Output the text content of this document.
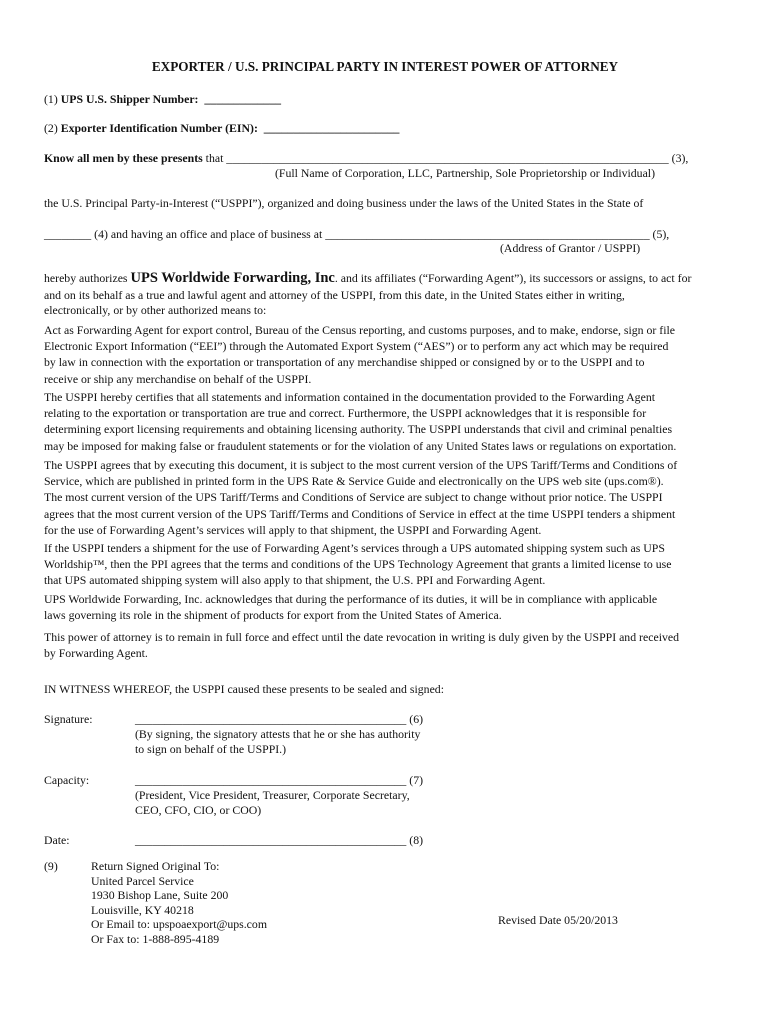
EXPORTER / U.S. PRINCIPAL PARTY IN INTEREST POWER OF ATTORNEY
(1) UPS U.S. Shipper Number: _____________
(2) Exporter Identification Number (EIN): _______________________
Know all men by these presents that ___________________________________________________________________________ (3),
(Full Name of Corporation, LLC, Partnership, Sole Proprietorship or Individual)
the U.S. Principal Party-in-Interest (“USPPI”), organized and doing business under the laws of the United States in the State of
________ (4) and having an office and place of business at _______________________________________________________ (5),
(Address of Grantor / USPPI)
hereby authorizes UPS Worldwide Forwarding, Inc. and its affiliates (“Forwarding Agent”), its successors or assigns, to act for
and on its behalf as a true and lawful agent and attorney of the USPPI, from this date, in the United States either in writing,
electronically, or by other authorized means to:
Act as Forwarding Agent for export control, Bureau of the Census reporting, and customs purposes, and to make, endorse, sign or file
Electronic Export Information (“EEI”) through the Automated Export System (“AES”) or to perform any act which may be required
by law in connection with the exportation or transportation of any merchandise shipped or consigned by or to the USPPI and to
receive or ship any merchandise on behalf of the USPPI.
The USPPI hereby certifies that all statements and information contained in the documentation provided to the Forwarding Agent
relating to the exportation or transportation are true and correct. Furthermore, the USPPI acknowledges that it is responsible for
determining export licensing requirements and obtaining licensing authority. The USPPI understands that civil and criminal penalties
may be imposed for making false or fraudulent statements or for the violation of any United States laws or regulations on exportation.
The USPPI agrees that by executing this document, it is subject to the most current version of the UPS Tariff/Terms and Conditions of
Service, which are published in printed form in the UPS Rate & Service Guide and electronically on the UPS web site (ups.com®).
The most current version of the UPS Tariff/Terms and Conditions of Service are subject to change without prior notice. The USPPI
agrees that the most current version of the UPS Tariff/Terms and Conditions of Service in effect at the time USPPI tenders a shipment
for the use of Forwarding Agent’s services will apply to that shipment, the USPPI and Forwarding Agent.
If the USPPI tenders a shipment for the use of Forwarding Agent’s services through a UPS automated shipping system such as UPS
Worldship™, then the PPI agrees that the terms and conditions of the UPS Technology Agreement that grants a limited license to use
that UPS automated shipping system will also apply to that shipment, the U.S. PPI and Forwarding Agent.
UPS Worldwide Forwarding, Inc. acknowledges that during the performance of its duties, it will be in compliance with applicable
laws governing its role in the shipment of products for export from the United States of America.
This power of attorney is to remain in full force and effect until the date revocation in writing is duly given by the USPPI and received
by Forwarding Agent.
IN WITNESS WHEREOF, the USPPI caused these presents to be sealed and signed:
Signature:	______________________________________________ (6)
(By signing, the signatory attests that he or she has authority
to sign on behalf of the USPPI.)
Capacity:	______________________________________________ (7)
(President, Vice President, Treasurer, Corporate Secretary,
CEO, CFO, CIO, or COO)
Date:	______________________________________________ (8)
(9)	Return Signed Original To:
United Parcel Service
1930 Bishop Lane, Suite 200
Louisville, KY 40218
Or Email to: upspoaexport@ups.com
Or Fax to: 1-888-895-4189
Revised Date 05/20/2013
